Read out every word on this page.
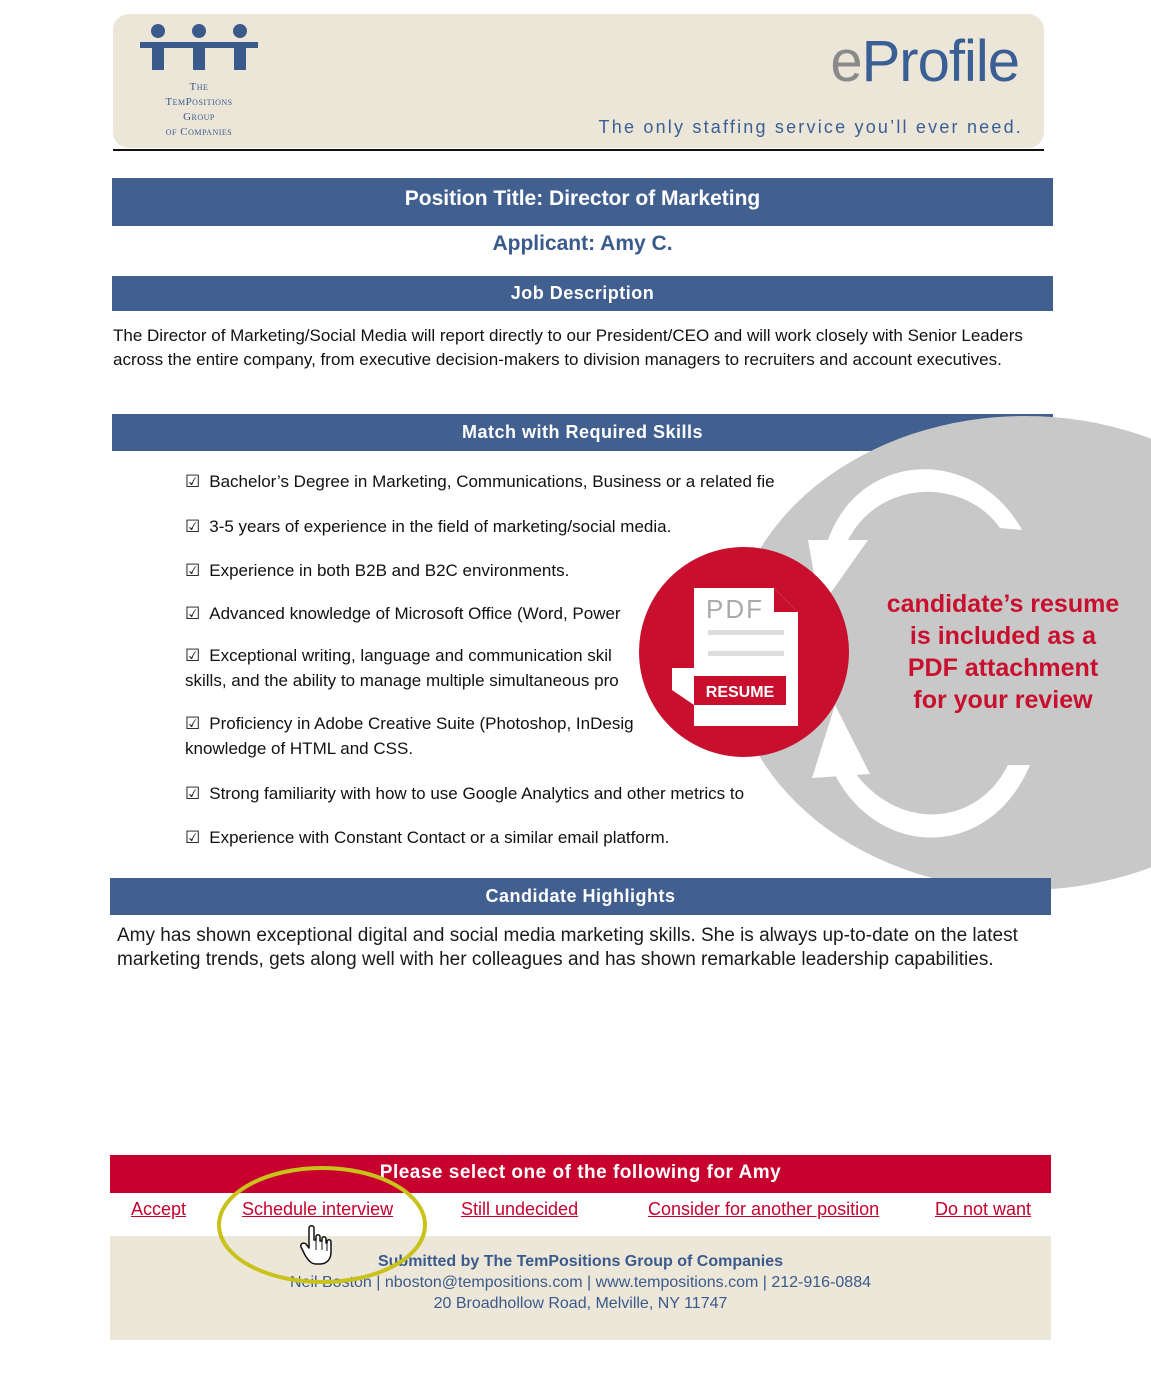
The
TemPositions
Group
of Companies
eProfile
The only staffing service you’ll ever need.
Position Title: Director of Marketing
Applicant: Amy C.
Job Description
The Director of Marketing/Social Media will report directly to our President/CEO and will work closely with Senior Leaders across the entire company, from executive decision-makers to division managers to recruiters and account executives.
Match with Required Skills
☑ Bachelor’s Degree in Marketing, Communications, Business or a related fie
☑ 3-5 years of experience in the field of marketing/social media.
☑ Experience in both B2B and B2C environments.
☑ Advanced knowledge of Microsoft Office (Word, Power
☑ Exceptional writing, language and communication skil
skills, and the ability to manage multiple simultaneous pro
☑ Proficiency in Adobe Creative Suite (Photoshop, InDesig
knowledge of HTML and CSS.
☑ Strong familiarity with how to use Google Analytics and other metrics to
☑ Experience with Constant Contact or a similar email platform.
PDF
RESUME
candidate’s resume
is included as a
PDF attachment
for your review
Candidate Highlights
Amy has shown exceptional digital and social media marketing skills. She is always up-to-date on the latest marketing trends, gets along well with her colleagues and has shown remarkable leadership capabilities.
Please select one of the following for Amy
Accept	Schedule interview	Still undecided	Consider for another position	Do not want
Submitted by The TemPositions Group of Companies
Neil Boston | nboston@tempositions.com | www.tempositions.com | 212-916-0884
20 Broadhollow Road, Melville, NY 11747
